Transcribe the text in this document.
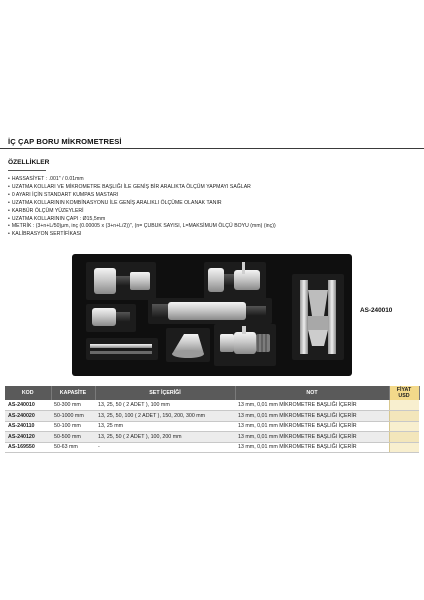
İÇ ÇAP BORU MİKROMETRESİ
ÖZELLİKLER
• HASSASİYET : .001" / 0.01mm
• UZATMA KOLLARI VE MİKROMETRE BAŞLIĞI İLE GENİŞ BİR ARALIKTA ÖLÇÜM YAPMAYI SAĞLAR
• 0 AYARI İÇİN STANDART KUMPAS MASTARI
• UZATMA KOLLARININ KOMBİNASYONU İLE GENİŞ ARALIKLI ÖLÇÜME OLANAK TANIR
• KARBÜR ÖLÇÜM YÜZEYLERİ
• UZATMA KOLLARININ ÇAPI : Ø15,5mm
• METRİK : (3+n+L/50)μm, inç (0.00005 x (3+n+L/2))", (n= ÇUBUK SAYISI, L=MAKSİMUM ÖLÇÜ BOYU (mm) (inç))
• KALİBRASYON SERTİFİKASI
AS-240010
KOD	KAPASİTE	SET İÇERİĞİ	NOT	FİYAT
USD
AS-240010	50-300 mm	13, 25, 50 ( 2 ADET ), 100 mm	13 mm, 0,01 mm MİKROMETRE BAŞLIĞI İÇERİR	
AS-240020	50-1000 mm	13, 25, 50, 100 ( 2 ADET ), 150, 200, 300 mm	13 mm, 0,01 mm MİKROMETRE BAŞLIĞI İÇERİR	
AS-240110	50-100 mm	13, 25 mm	13 mm, 0,01 mm MİKROMETRE BAŞLIĞI İÇERİR	
AS-240120	50-500 mm	13, 25, 50 ( 2 ADET ), 100, 200 mm	13 mm, 0,01 mm MİKROMETRE BAŞLIĞI İÇERİR	
AS-169550	50-63 mm	-	13 mm, 0,01 mm MİKROMETRE BAŞLIĞI İÇERİR	
